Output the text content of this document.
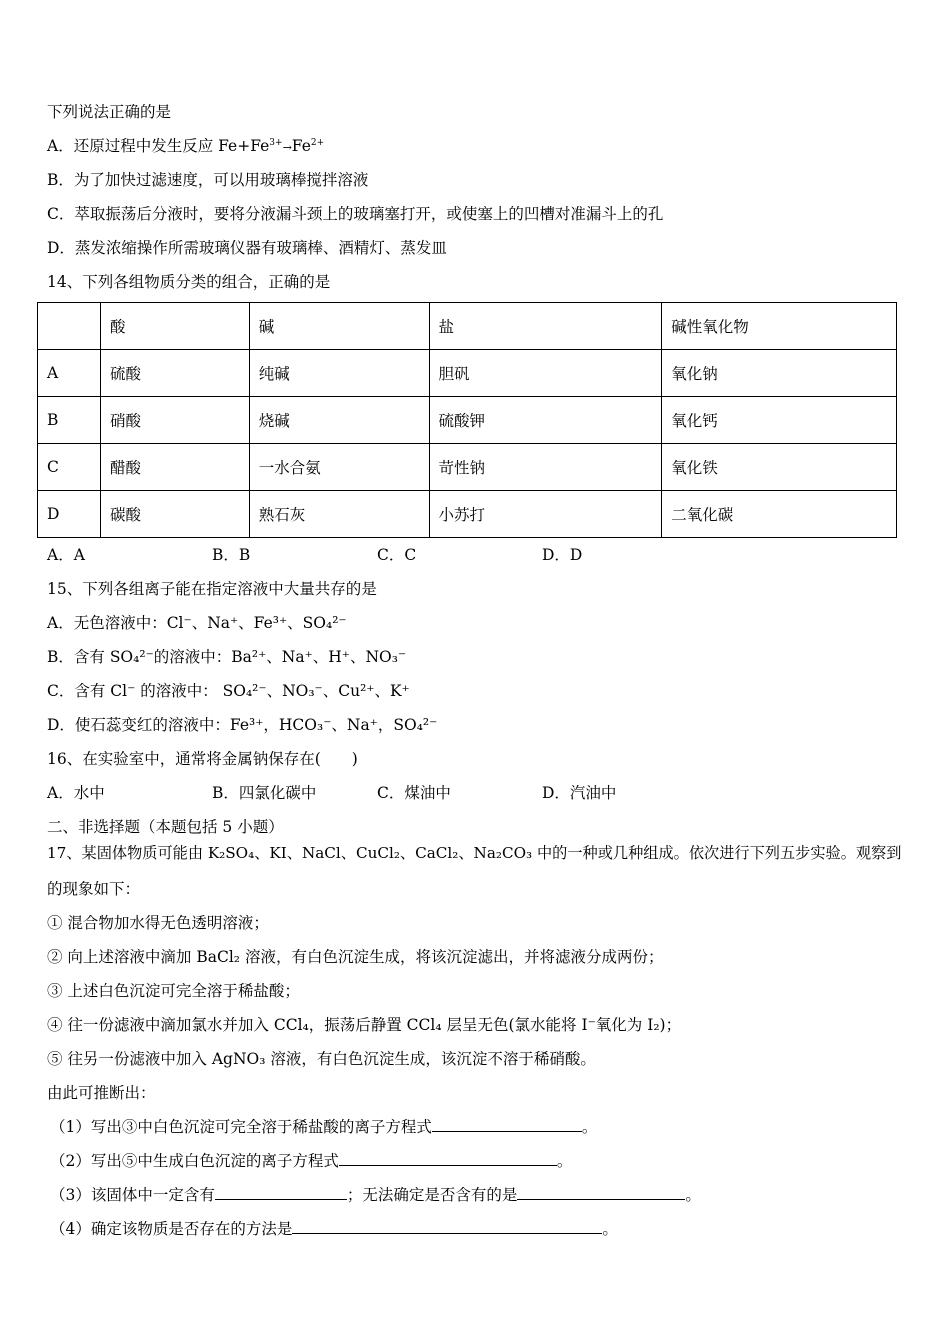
下列说法正确的是
A．还原过程中发生反应 $Fe+Fe^{3+}\to Fe^{2+}$
B．为了加快过滤速度，可以用玻璃棒搅拌溶液
C．萃取振荡后分液时，要将分液漏斗颈上的玻璃塞打开，或使塞上的凹槽对准漏斗上的孔
D．蒸发浓缩操作所需玻璃仪器有玻璃棒、酒精灯、蒸发皿
14、下列各组物质分类的组合，正确的是
	酸	碱	盐	碱性氧化物
A	硫酸	纯碱	胆矾	氧化钠
B	硝酸	烧碱	硫酸钾	氧化钙
C	醋酸	一水合氨	苛性钠	氧化铁
D	碳酸	熟石灰	小苏打	二氧化碳
A．A	B．B	C．C	D．D
15、下列各组离子能在指定溶液中大量共存的是
A．无色溶液中：Cl⁻、Na⁺、Fe³⁺、SO₄²⁻
B．含有 SO₄²⁻的溶液中：Ba²⁺、Na⁺、H⁺、NO₃⁻
C．含有 Cl⁻ 的溶液中： SO₄²⁻、NO₃⁻、Cu²⁺、K⁺
D．使石蕊变红的溶液中：Fe³⁺，HCO₃⁻、Na⁺，SO₄²⁻
16、在实验室中，通常将金属钠保存在(　　)
A．水中	B．四氯化碳中	C．煤油中	D．汽油中
二、非选择题（本题包括 5 小题）
17、某固体物质可能由 K₂SO₄、KI、NaCl、CuCl₂、CaCl₂、Na₂CO₃ 中的一种或几种组成。依次进行下列五步实验。观察到
的现象如下：
① 混合物加水得无色透明溶液；
② 向上述溶液中滴加 BaCl₂ 溶液，有白色沉淀生成，将该沉淀滤出，并将滤液分成两份；
③ 上述白色沉淀可完全溶于稀盐酸；
④ 往一份滤液中滴加氯水并加入 CCl₄，振荡后静置 CCl₄ 层呈无色(氯水能将 I⁻氧化为 I₂)；
⑤ 往另一份滤液中加入 AgNO₃ 溶液，有白色沉淀生成，该沉淀不溶于稀硝酸。
由此可推断出：
（1）写出③中白色沉淀可完全溶于稀盐酸的离子方程式	。
（2）写出⑤中生成白色沉淀的离子方程式	。
（3）该固体中一定含有	；无法确定是否含有的是	。
（4）确定该物质是否存在的方法是	。
